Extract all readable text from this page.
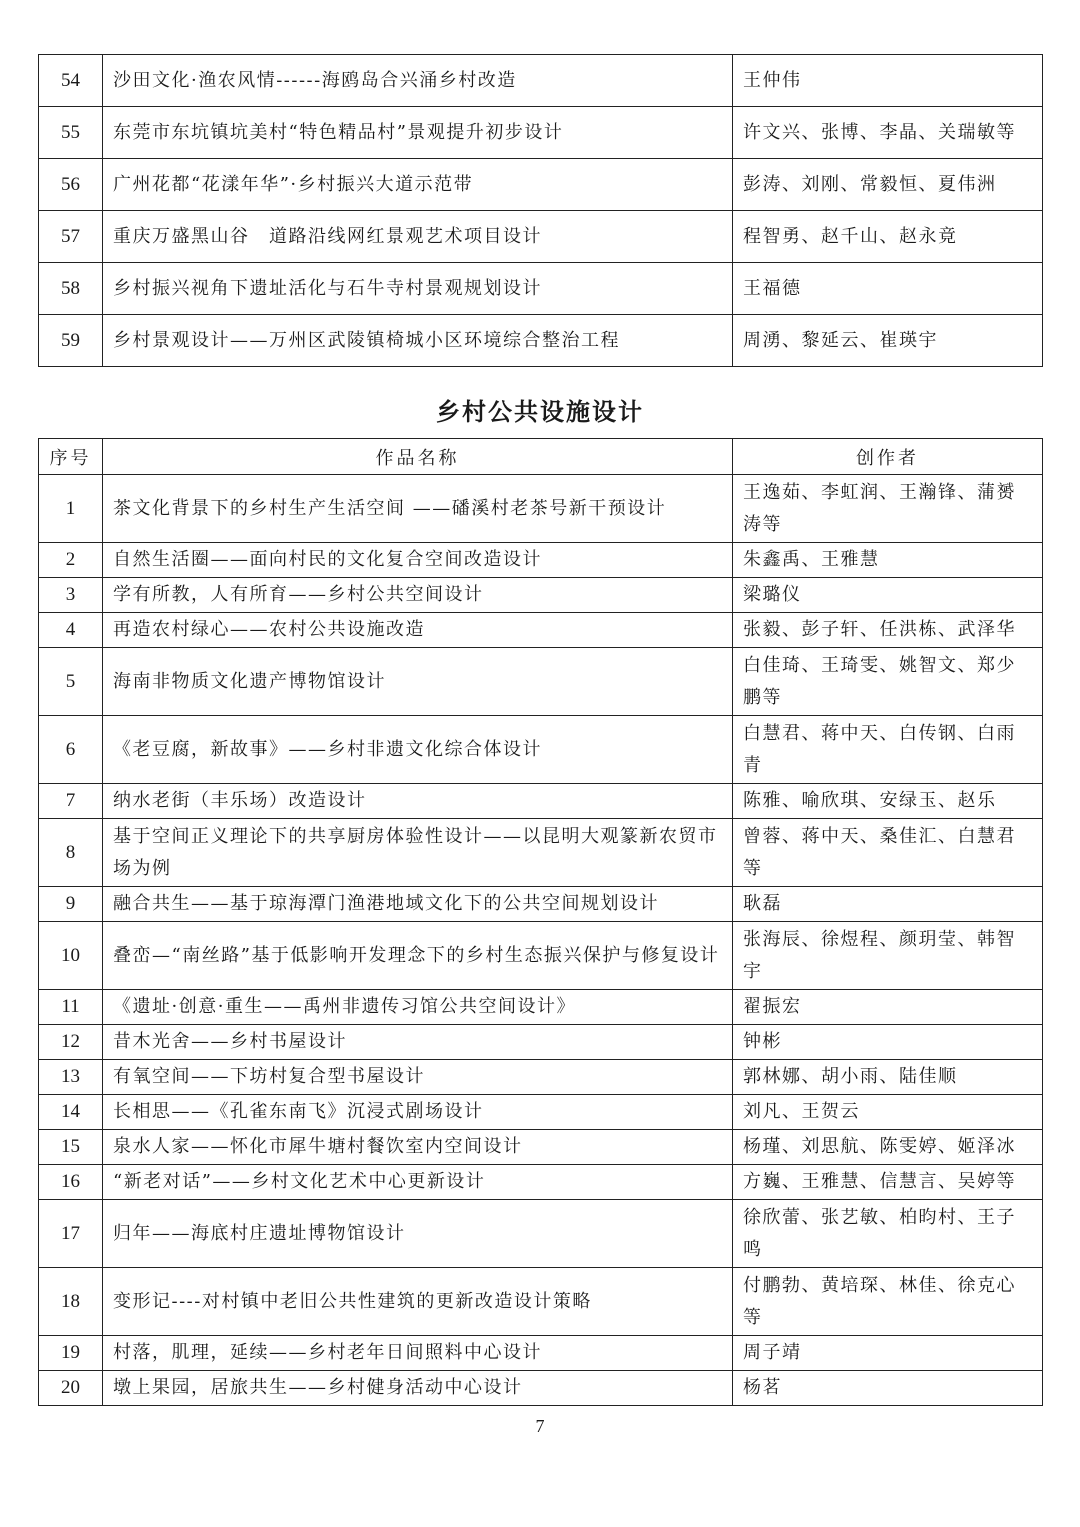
54	沙田文化·渔农风情------海鸥岛合兴涌乡村改造	王仲伟
55	东莞市东坑镇坑美村“特色精品村”景观提升初步设计	许文兴、张博、李晶、关瑞敏等
56	广州花都“花漾年华”·乡村振兴大道示范带	彭涛、刘刚、常毅恒、夏伟洲
57	重庆万盛黑山谷　道路沿线网红景观艺术项目设计	程智勇、赵千山、赵永竟
58	乡村振兴视角下遗址活化与石牛寺村景观规划设计	王福德
59	乡村景观设计——万州区武陵镇椅城小区环境综合整治工程	周湧、黎延云、崔瑛宇
乡村公共设施设计
序号	作品名称	创作者
1	茶文化背景下的乡村生产生活空间 ——磻溪村老茶号新干预设计	王逸茹、李虹润、王瀚锋、蒲赟涛等
2	自然生活圈——面向村民的文化复合空间改造设计	朱鑫禹、王雅慧
3	学有所教，人有所育——乡村公共空间设计	梁璐仪
4	再造农村绿心——农村公共设施改造	张毅、彭子轩、任洪栋、武泽华
5	海南非物质文化遗产博物馆设计	白佳琦、王琦雯、姚智文、郑少鹏等
6	《老豆腐，新故事》——乡村非遗文化综合体设计	白慧君、蒋中天、白传钢、白雨青
7	纳水老街（丰乐场）改造设计	陈雅、喻欣琪、安绿玉、赵乐
8	基于空间正义理论下的共享厨房体验性设计——以昆明大观篆新农贸市场为例	曾蓉、蒋中天、桑佳汇、白慧君等
9	融合共生——基于琼海潭门渔港地域文化下的公共空间规划设计	耿磊
10	叠峦—“南丝路”基于低影响开发理念下的乡村生态振兴保护与修复设计	张海辰、徐煜程、颜玥莹、韩智宇
11	《遗址·创意·重生——禹州非遗传习馆公共空间设计》	翟振宏
12	昔木光舍——乡村书屋设计	钟彬
13	有氧空间——下坊村复合型书屋设计	郭林娜、胡小雨、陆佳顺
14	长相思——《孔雀东南飞》沉浸式剧场设计	刘凡、王贺云
15	泉水人家——怀化市犀牛塘村餐饮室内空间设计	杨瑾、刘思航、陈雯婷、姬泽冰
16	“新老对话”——乡村文化艺术中心更新设计	方巍、王雅慧、信慧言、吴婷等
17	归年——海底村庄遗址博物馆设计	徐欣蕾、张艺敏、柏昀村、王子鸣
18	变形记----对村镇中老旧公共性建筑的更新改造设计策略	付鹏勃、黄培琛、林佳、徐克心等
19	村落，肌理，延续——乡村老年日间照料中心设计	周子靖
20	墩上果园，居旅共生——乡村健身活动中心设计	杨茗
7
